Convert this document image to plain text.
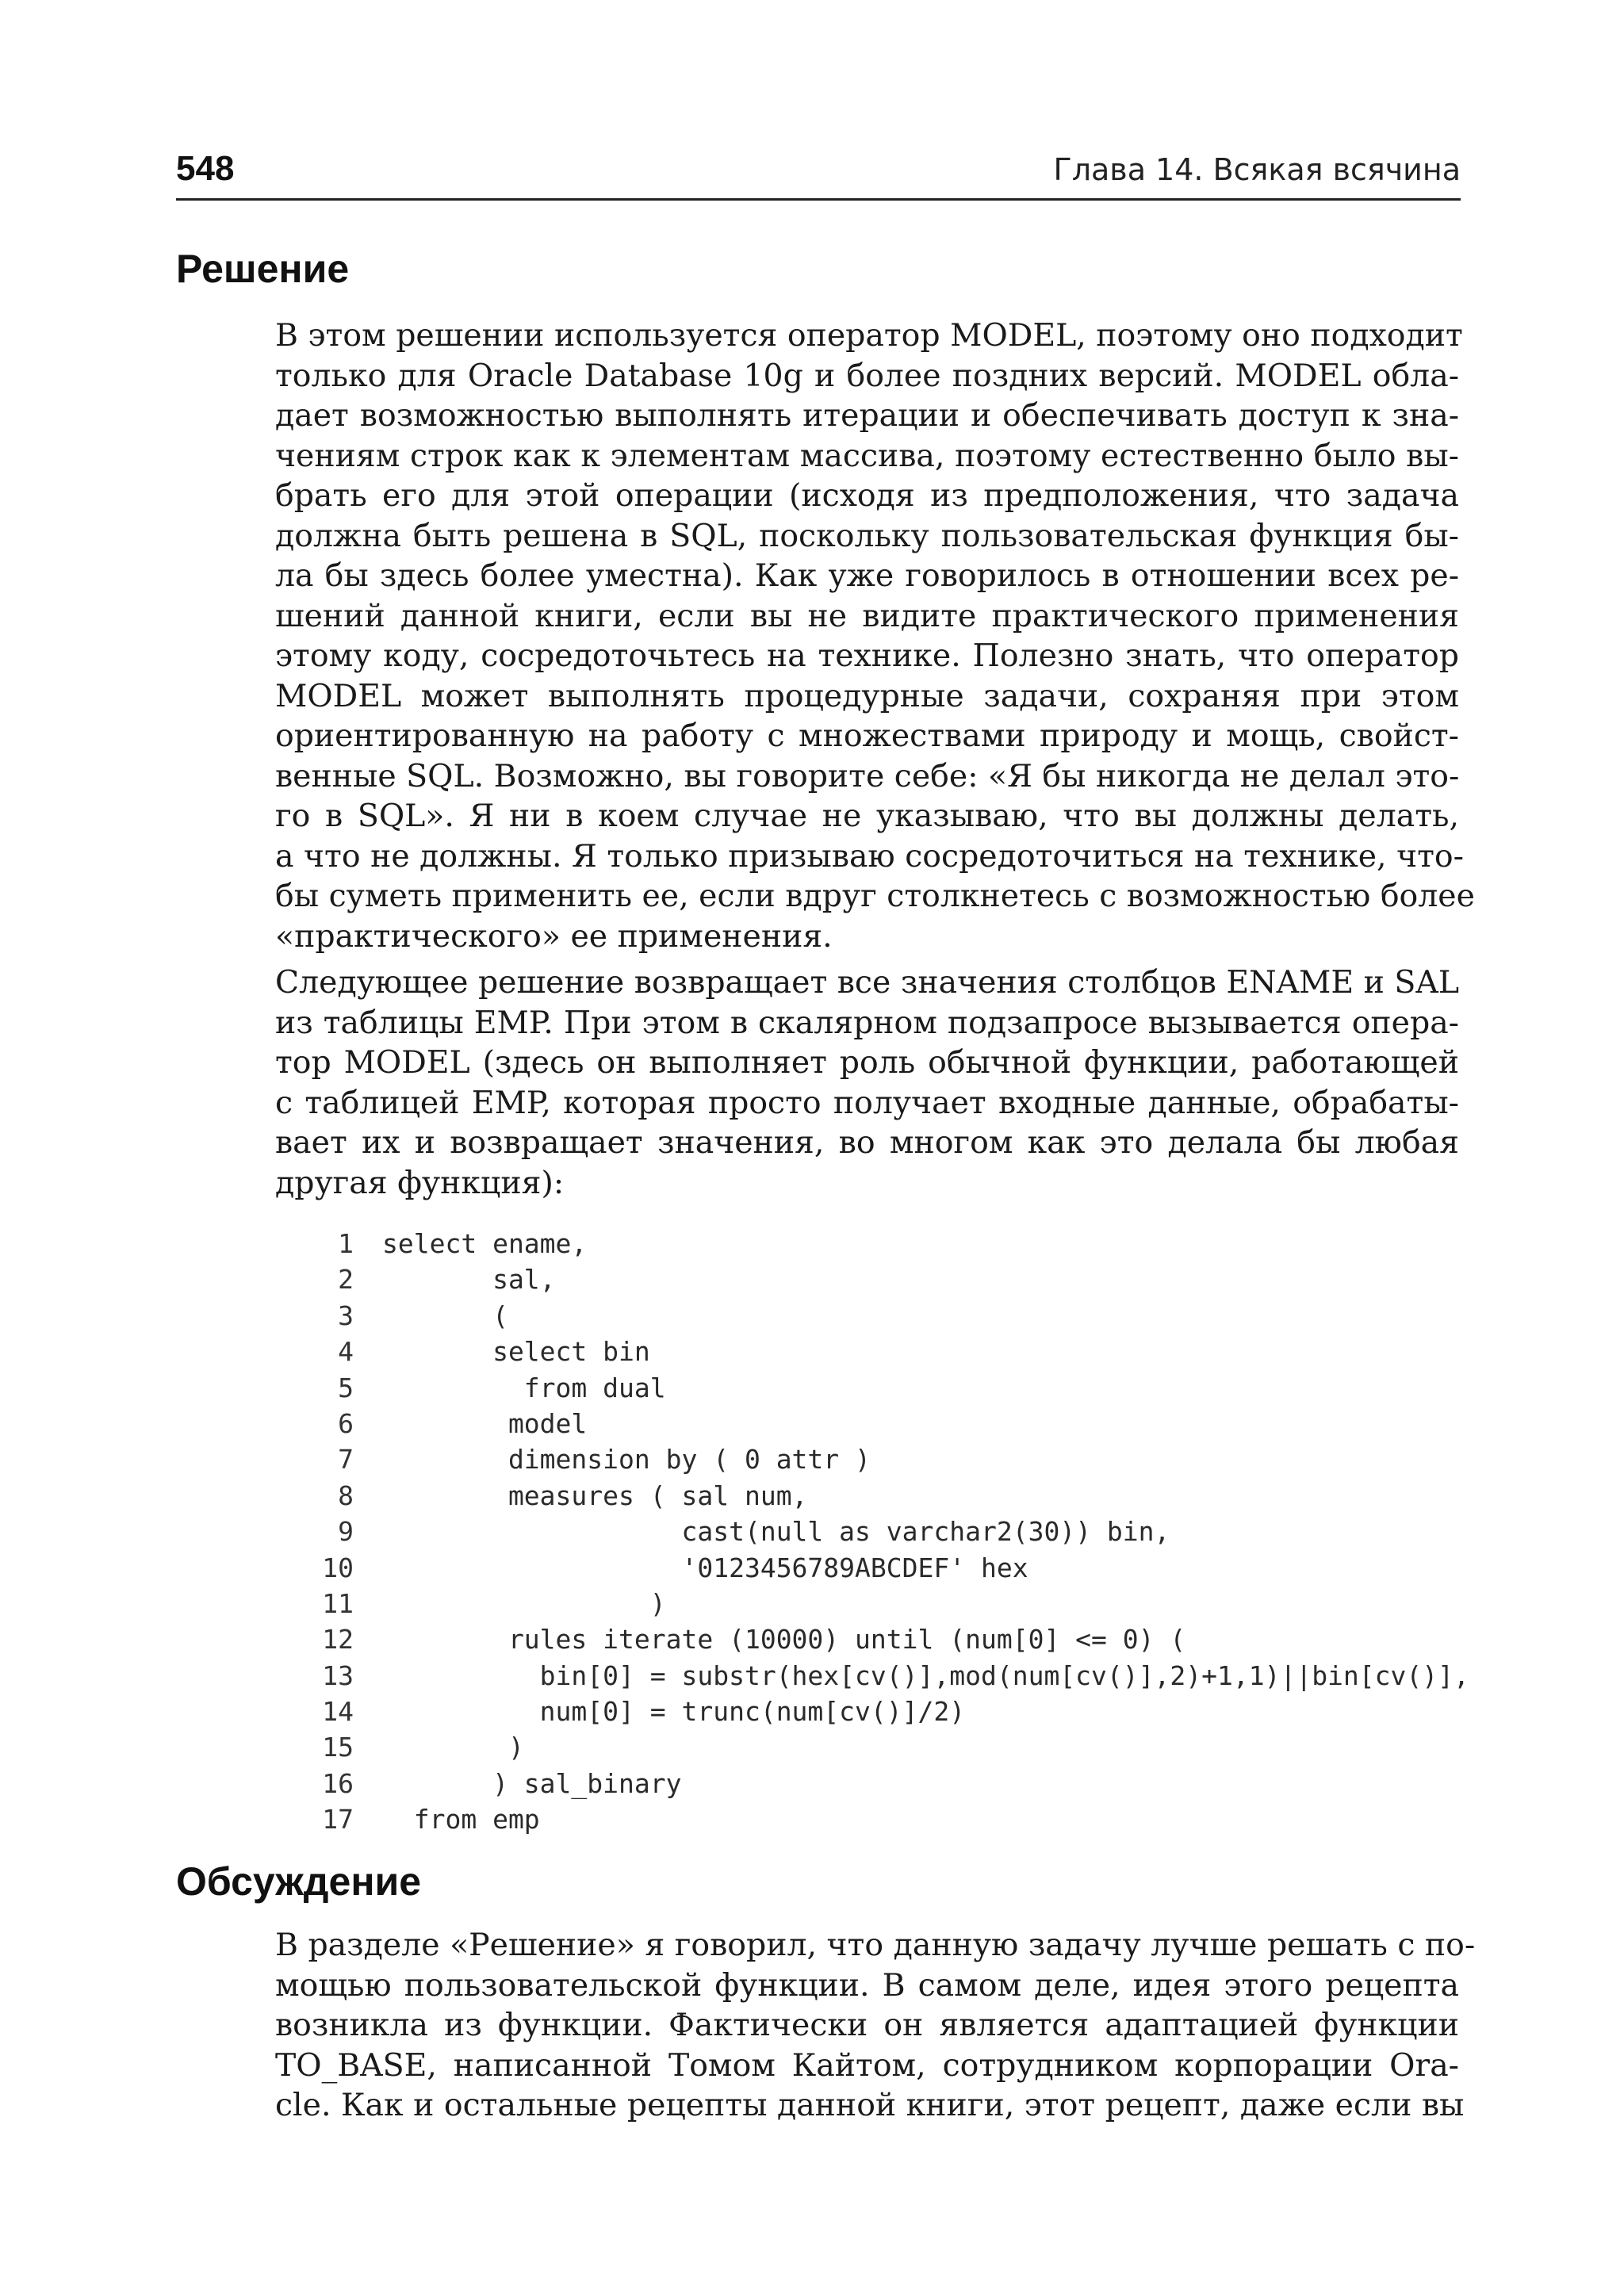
548	Глава 14. Всякая всячина
Решение

В этом решении используется оператор MODEL, поэтому оно подходит
только для Oracle Database 10g и более поздних версий. MODEL обла-
дает возможностью выполнять итерации и обеспечивать доступ к зна-
чениям строк как к элементам массива, поэтому естественно было вы-
брать его для этой операции (исходя из предположения, что задача
должна быть решена в SQL, поскольку пользовательская функция бы-
ла бы здесь более уместна). Как уже говорилось в отношении всех ре-
шений данной книги, если вы не видите практического применения
этому коду, сосредоточьтесь на технике. Полезно знать, что оператор
MODEL может выполнять процедурные задачи, сохраняя при этом
ориентированную на работу с множествами природу и мощь, свойст-
венные SQL. Возможно, вы говорите себе: «Я бы никогда не делал это-
го в SQL». Я ни в коем случае не указываю, что вы должны делать,
а что не должны. Я только призываю сосредоточиться на технике, что-
бы суметь применить ее, если вдруг столкнетесь с возможностью более
«практического» ее применения.

Следующее решение возвращает все значения столбцов ENAME и SAL
из таблицы EMP. При этом в скалярном подзапросе вызывается опера-
тор MODEL (здесь он выполняет роль обычной функции, работающей
с таблицей EMP, которая просто получает входные данные, обрабаты-
вает их и возвращает значения, во многом как это делала бы любая
другая функция):

1	select ename,
2	sal,
3	(
4	select bin
5	from dual
6	model
7	dimension by ( 0 attr )
8	measures ( sal num,
9	cast(null as varchar2(30)) bin,
10	'0123456789ABCDEF' hex
11	)
12	rules iterate (10000) until (num[0] <= 0) (
13	bin[0] = substr(hex[cv()],mod(num[cv()],2)+1,1)||bin[cv()],
14	num[0] = trunc(num[cv()]/2)
15	)
16	) sal_binary
17	from emp
Обсуждение

В разделе «Решение» я говорил, что данную задачу лучше решать с по-
мощью пользовательской функции. В самом деле, идея этого рецепта
возникла из функции. Фактически он является адаптацией функции
TO_BASE, написанной Томом Кайтом, сотрудником корпорации Ora-
cle. Как и остальные рецепты данной книги, этот рецепт, даже если вы
